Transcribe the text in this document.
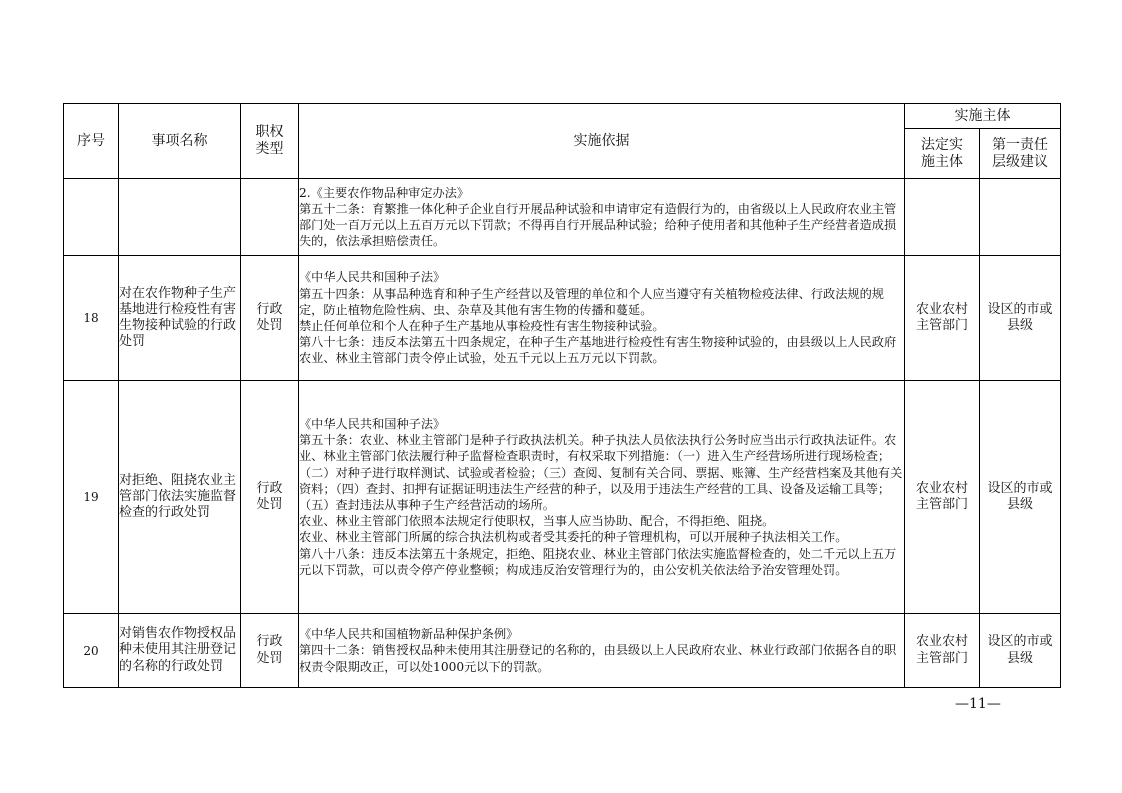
序号	事项名称	职权类型	实施依据	实施主体	

				法定实施主体	第一责任层级建议

			2.《主要农作物品种审定办法》

第五十二条：育繁推一体化种子企业自行开展品种试验和申请审定有造假行为的，由省级以上人民政府农业主管部门处一百万元以上五百万元以下罚款；不得再自行开展品种试验；给种子使用者和其他种子生产经营者造成损失的，依法承担赔偿责任。		

18	对在农作物种子生产基地进行检疫性有害生物接种试验的行政处罚	行政处罚	《中华人民共和国种子法》

第五十四条：从事品种选育和种子生产经营以及管理的单位和个人应当遵守有关植物检疫法律、行政法规的规定，防止植物危险性病、虫、杂草及其他有害生物的传播和蔓延。

禁止任何单位和个人在种子生产基地从事检疫性有害生物接种试验。

第八十七条：违反本法第五十四条规定，在种子生产基地进行检疫性有害生物接种试验的，由县级以上人民政府农业、林业主管部门责令停止试验，处五千元以上五万元以下罚款。	农业农村主管部门	设区的市或县级

19	对拒绝、阻挠农业主管部门依法实施监督检查的行政处罚	行政处罚	《中华人民共和国种子法》

第五十条：农业、林业主管部门是种子行政执法机关。种子执法人员依法执行公务时应当出示行政执法证件。农业、林业主管部门依法履行种子监督检查职责时，有权采取下列措施：（一）进入生产经营场所进行现场检查；（二）对种子进行取样测试、试验或者检验；（三）查阅、复制有关合同、票据、账簿、生产经营档案及其他有关资料；（四）查封、扣押有证据证明违法生产经营的种子，以及用于违法生产经营的工具、设备及运输工具等；（五）查封违法从事种子生产经营活动的场所。

农业、林业主管部门依照本法规定行使职权，当事人应当协助、配合，不得拒绝、阻挠。

农业、林业主管部门所属的综合执法机构或者受其委托的种子管理机构，可以开展种子执法相关工作。

第八十八条：违反本法第五十条规定，拒绝、阻挠农业、林业主管部门依法实施监督检查的，处二千元以上五万元以下罚款，可以责令停产停业整顿；构成违反治安管理行为的，由公安机关依法给予治安管理处罚。	农业农村主管部门	设区的市或县级

20	对销售农作物授权品种未使用其注册登记的名称的行政处罚	行政处罚	《中华人民共和国植物新品种保护条例》

第四十二条：销售授权品种未使用其注册登记的名称的，由县级以上人民政府农业、林业行政部门依据各自的职权责令限期改正，可以处1000元以下的罚款。	农业农村主管部门	设区的市或县级
—11—
